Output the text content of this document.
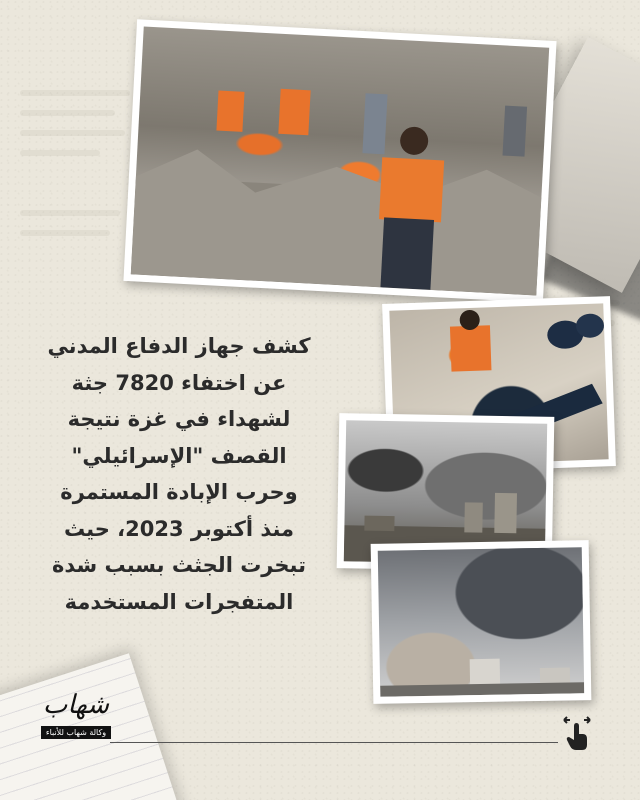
كشف جهاز الدفاع المدني
عن اختفاء 7820 جثة
لشهداء في غزة نتيجة
القصف "الإسرائيلي"
وحرب الإبادة المستمرة
منذ أكتوبر 2023، حيث
تبخرت الجثث بسبب شدة
المتفجرات المستخدمة
شهاب
وكالة شهاب للأنباء
